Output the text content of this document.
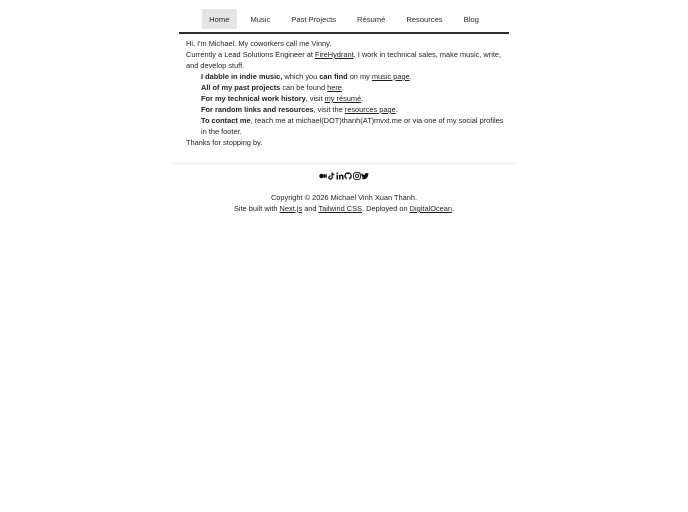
Home	Music	Past Projects	Résumé	Resources	Blog
Hi, I'm Michael. My coworkers call me Vinny.
Currently a Lead Solutions Engineer at FireHydrant. I work in technical sales, make music, write,
and develop stuff.
I dabble in indie music, which you can find on my music page.
All of my past projects can be found here.
For my technical work history, visit my résumé.
For random links and resources, visit the resources page.
To contact me, reach me at michael(DOT)thanh(AT)mvxt.me or via one of my social profiles in the footer.
Thanks for stopping by.
Copyright © 2026 Michael Vinh Xuan Thanh.
Site built with Next.js and Tailwind CSS. Deployed on DigitalOcean.
